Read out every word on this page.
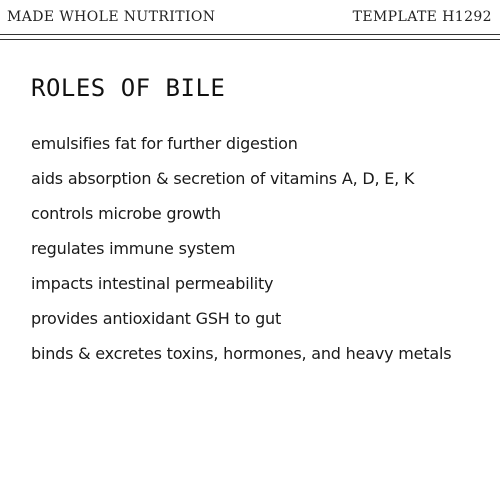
MADE WHOLE NUTRITION	TEMPLATE H1292
ROLES OF BILE
emulsifies fat for further digestion
aids absorption & secretion of vitamins A, D, E, K
controls microbe growth
regulates immune system
impacts intestinal permeability
provides antioxidant GSH to gut
binds & excretes toxins, hormones, and heavy metals
